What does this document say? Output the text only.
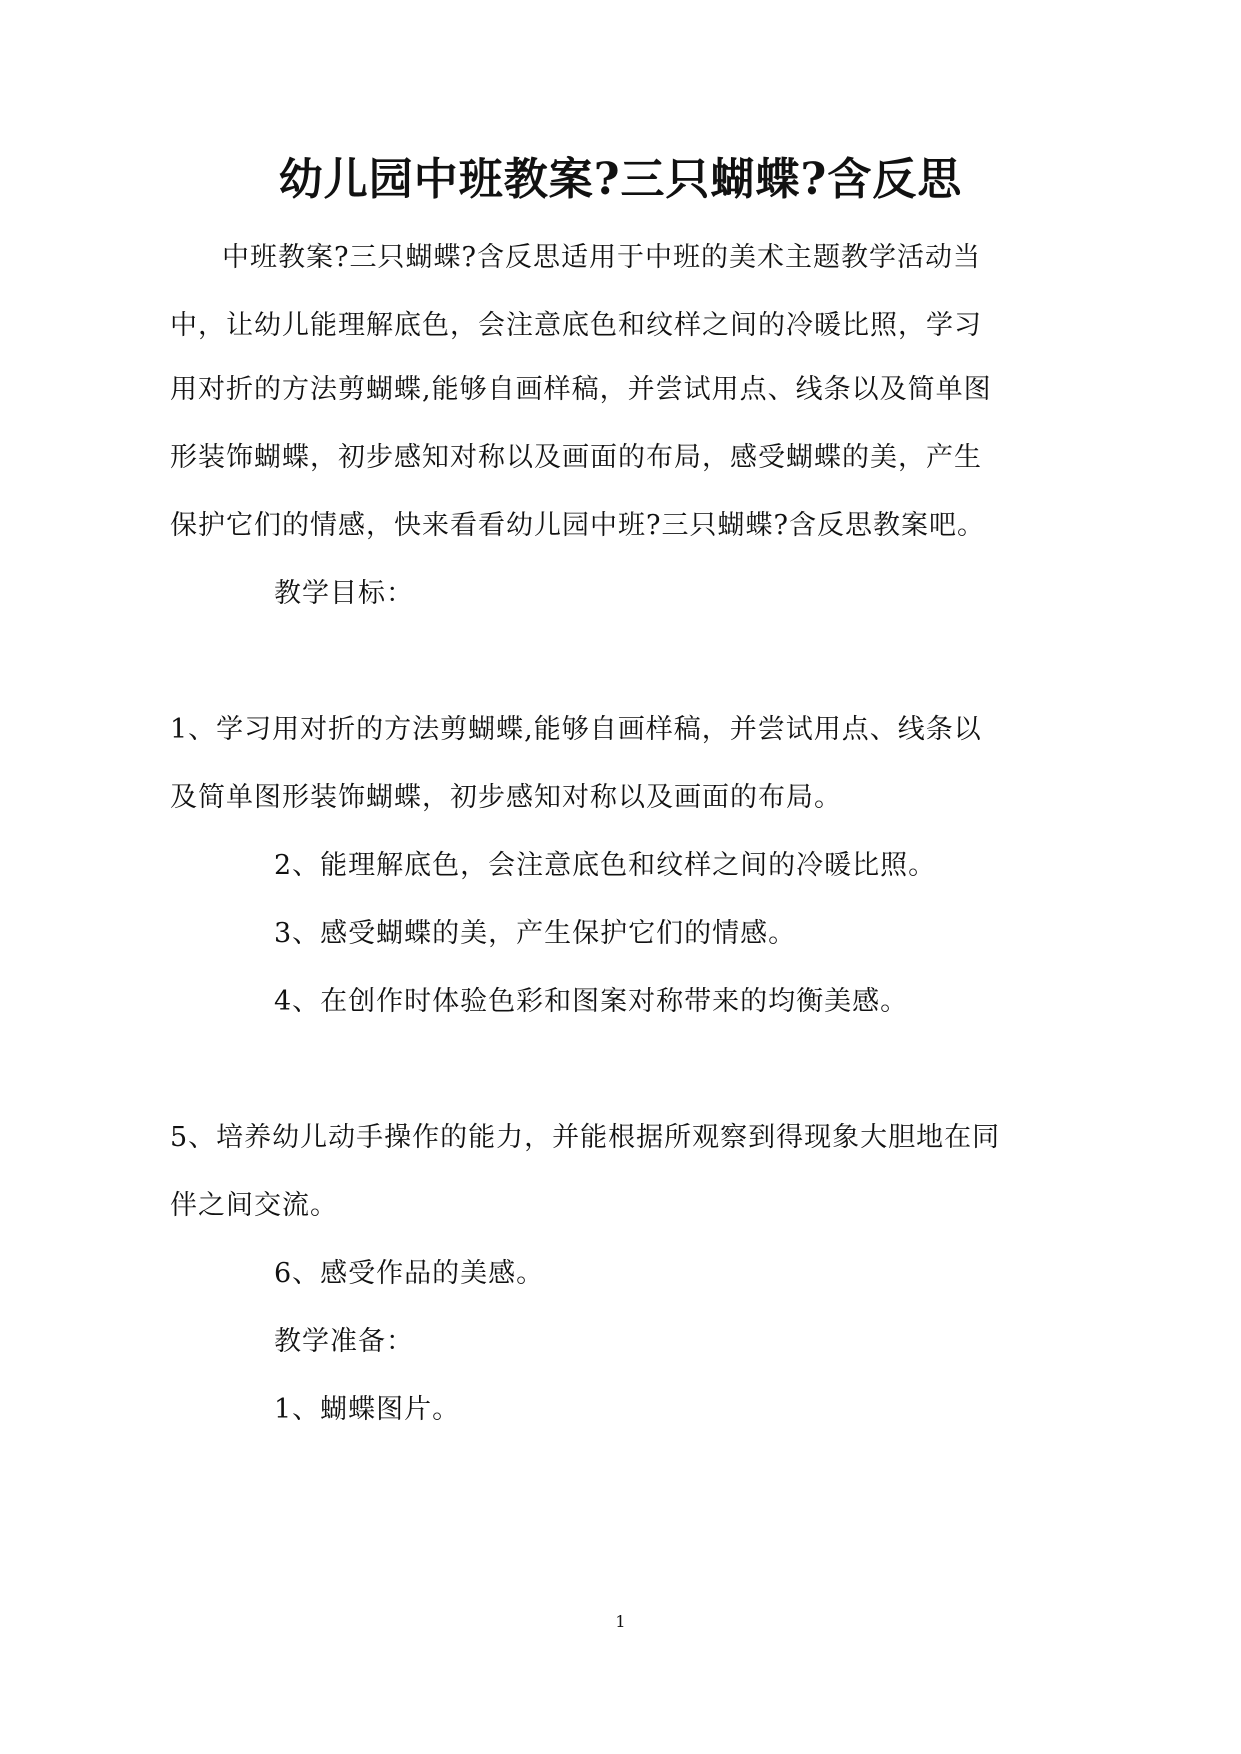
幼儿园中班教案?三只蝴蝶?含反思
中班教案?三只蝴蝶?含反思适用于中班的美术主题教学活动当
中，让幼儿能理解底色，会注意底色和纹样之间的冷暖比照，学习
用对折的方法剪蝴蝶,能够自画样稿，并尝试用点、线条以及简单图
形装饰蝴蝶，初步感知对称以及画面的布局，感受蝴蝶的美，产生
保护它们的情感，快来看看幼儿园中班?三只蝴蝶?含反思教案吧。
教学目标：
1、学习用对折的方法剪蝴蝶,能够自画样稿，并尝试用点、线条以
及简单图形装饰蝴蝶，初步感知对称以及画面的布局。
2、能理解底色，会注意底色和纹样之间的冷暖比照。
3、感受蝴蝶的美，产生保护它们的情感。
4、在创作时体验色彩和图案对称带来的均衡美感。
5、培养幼儿动手操作的能力，并能根据所观察到得现象大胆地在同
伴之间交流。
6、感受作品的美感。
教学准备：
1、蝴蝶图片。
1
